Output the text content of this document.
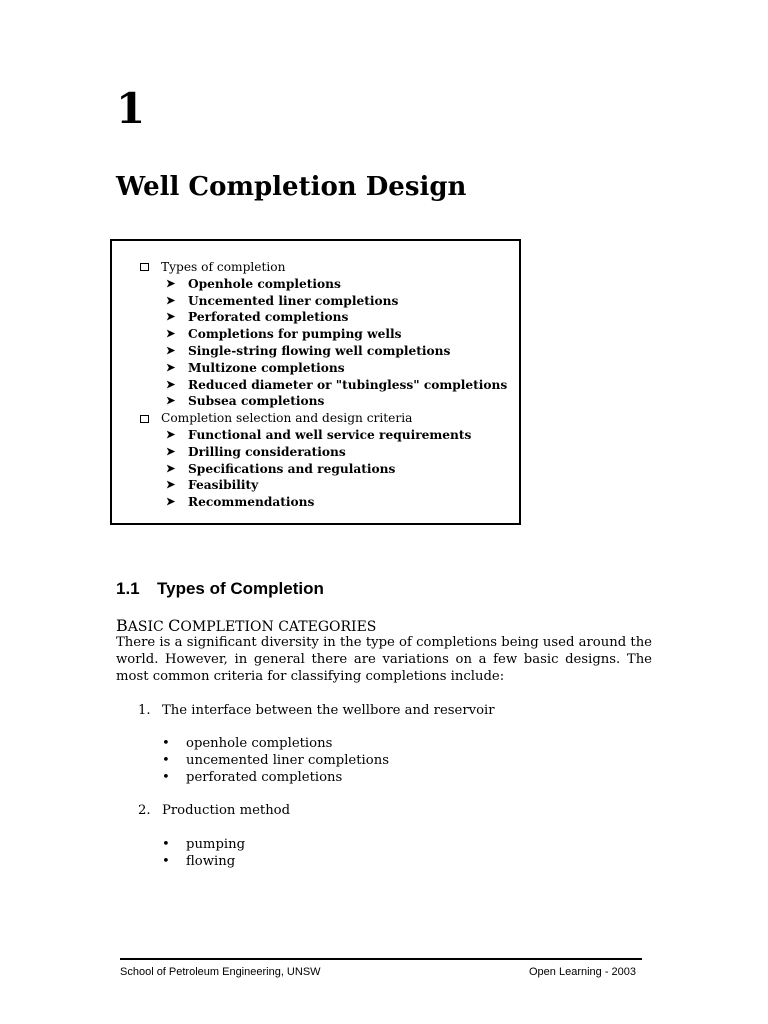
1
Well Completion Design
Types of completion
➤	Openhole completions
➤	Uncemented liner completions
➤	Perforated completions
➤	Completions for pumping wells
➤	Single-string flowing well completions
➤	Multizone completions
➤	Reduced diameter or "tubingless" completions
➤	Subsea completions
Completion selection and design criteria
➤	Functional and well service requirements
➤	Drilling considerations
➤	Specifications and regulations
➤	Feasibility
➤	Recommendations
1.1 Types of Completion
BASIC COMPLETION CATEGORIES
There is a significant diversity in the type of completions being used around the world. However, in general there are variations on a few basic designs. The most common criteria for classifying completions include:
1. The interface between the wellbore and reservoir
• openhole completions
• uncemented liner completions
• perforated completions
2. Production method
• pumping
• flowing
School of Petroleum Engineering, UNSW	Open Learning - 2003
